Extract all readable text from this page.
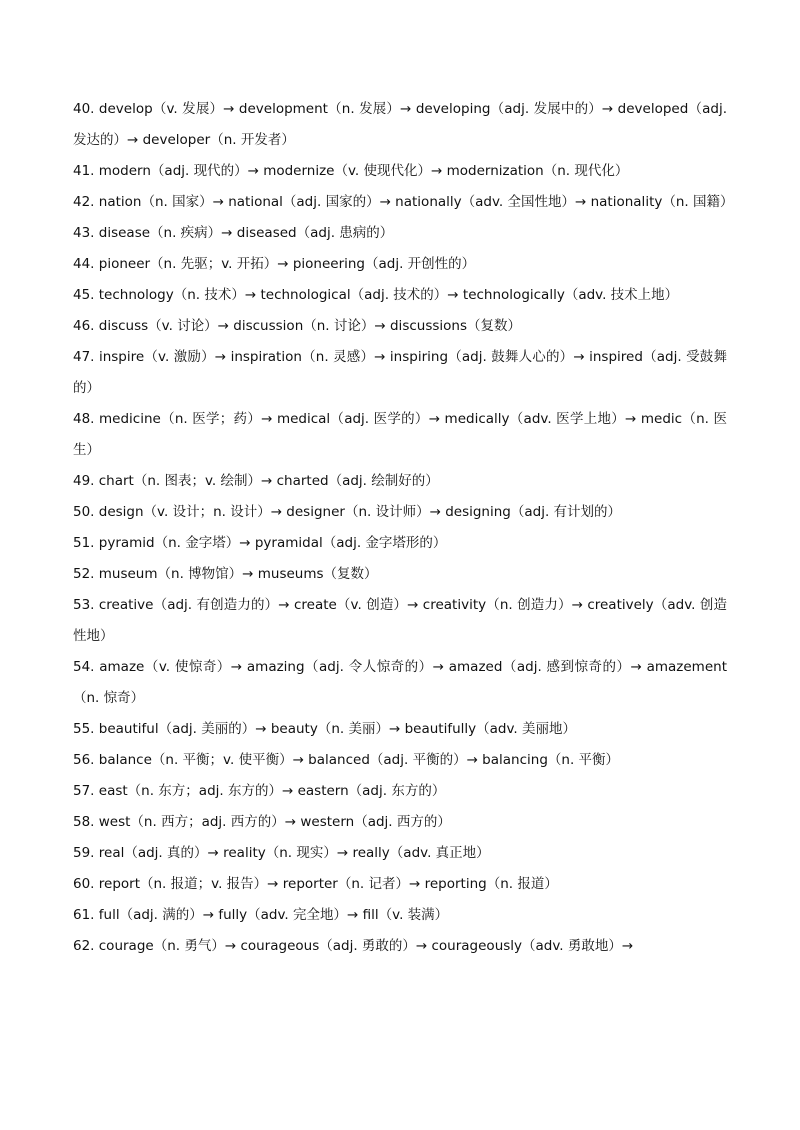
40. develop（v. 发展）→ development（n. 发展）→ developing（adj. 发展中的）→ developed（adj. 发达的）→ developer（n. 开发者）
41. modern（adj. 现代的）→ modernize（v. 使现代化）→ modernization（n. 现代化）
42. nation（n. 国家）→ national（adj. 国家的）→ nationally（adv. 全国性地）→ nationality（n. 国籍）
43. disease（n. 疾病）→ diseased（adj. 患病的）
44. pioneer（n. 先驱；v. 开拓）→ pioneering（adj. 开创性的）
45. technology（n. 技术）→ technological（adj. 技术的）→ technologically（adv. 技术上地）
46. discuss（v. 讨论）→ discussion（n. 讨论）→ discussions（复数）
47. inspire（v. 激励）→ inspiration（n. 灵感）→ inspiring（adj. 鼓舞人心的）→ inspired（adj. 受鼓舞的）
48. medicine（n. 医学；药）→ medical（adj. 医学的）→ medically（adv. 医学上地）→ medic（n. 医生）
49. chart（n. 图表；v. 绘制）→ charted（adj. 绘制好的）
50. design（v. 设计；n. 设计）→ designer（n. 设计师）→ designing（adj. 有计划的）
51. pyramid（n. 金字塔）→ pyramidal（adj. 金字塔形的）
52. museum（n. 博物馆）→ museums（复数）
53. creative（adj. 有创造力的）→ create（v. 创造）→ creativity（n. 创造力）→ creatively（adv. 创造性地）
54. amaze（v. 使惊奇）→ amazing（adj. 令人惊奇的）→ amazed（adj. 感到惊奇的）→ amazement（n. 惊奇）
55. beautiful（adj. 美丽的）→ beauty（n. 美丽）→ beautifully（adv. 美丽地）
56. balance（n. 平衡；v. 使平衡）→ balanced（adj. 平衡的）→ balancing（n. 平衡）
57. east（n. 东方；adj. 东方的）→ eastern（adj. 东方的）
58. west（n. 西方；adj. 西方的）→ western（adj. 西方的）
59. real（adj. 真的）→ reality（n. 现实）→ really（adv. 真正地）
60. report（n. 报道；v. 报告）→ reporter（n. 记者）→ reporting（n. 报道）
61. full（adj. 满的）→ fully（adv. 完全地）→ fill（v. 装满）
62. courage（n. 勇气）→ courageous（adj. 勇敢的）→ courageously（adv. 勇敢地）→
